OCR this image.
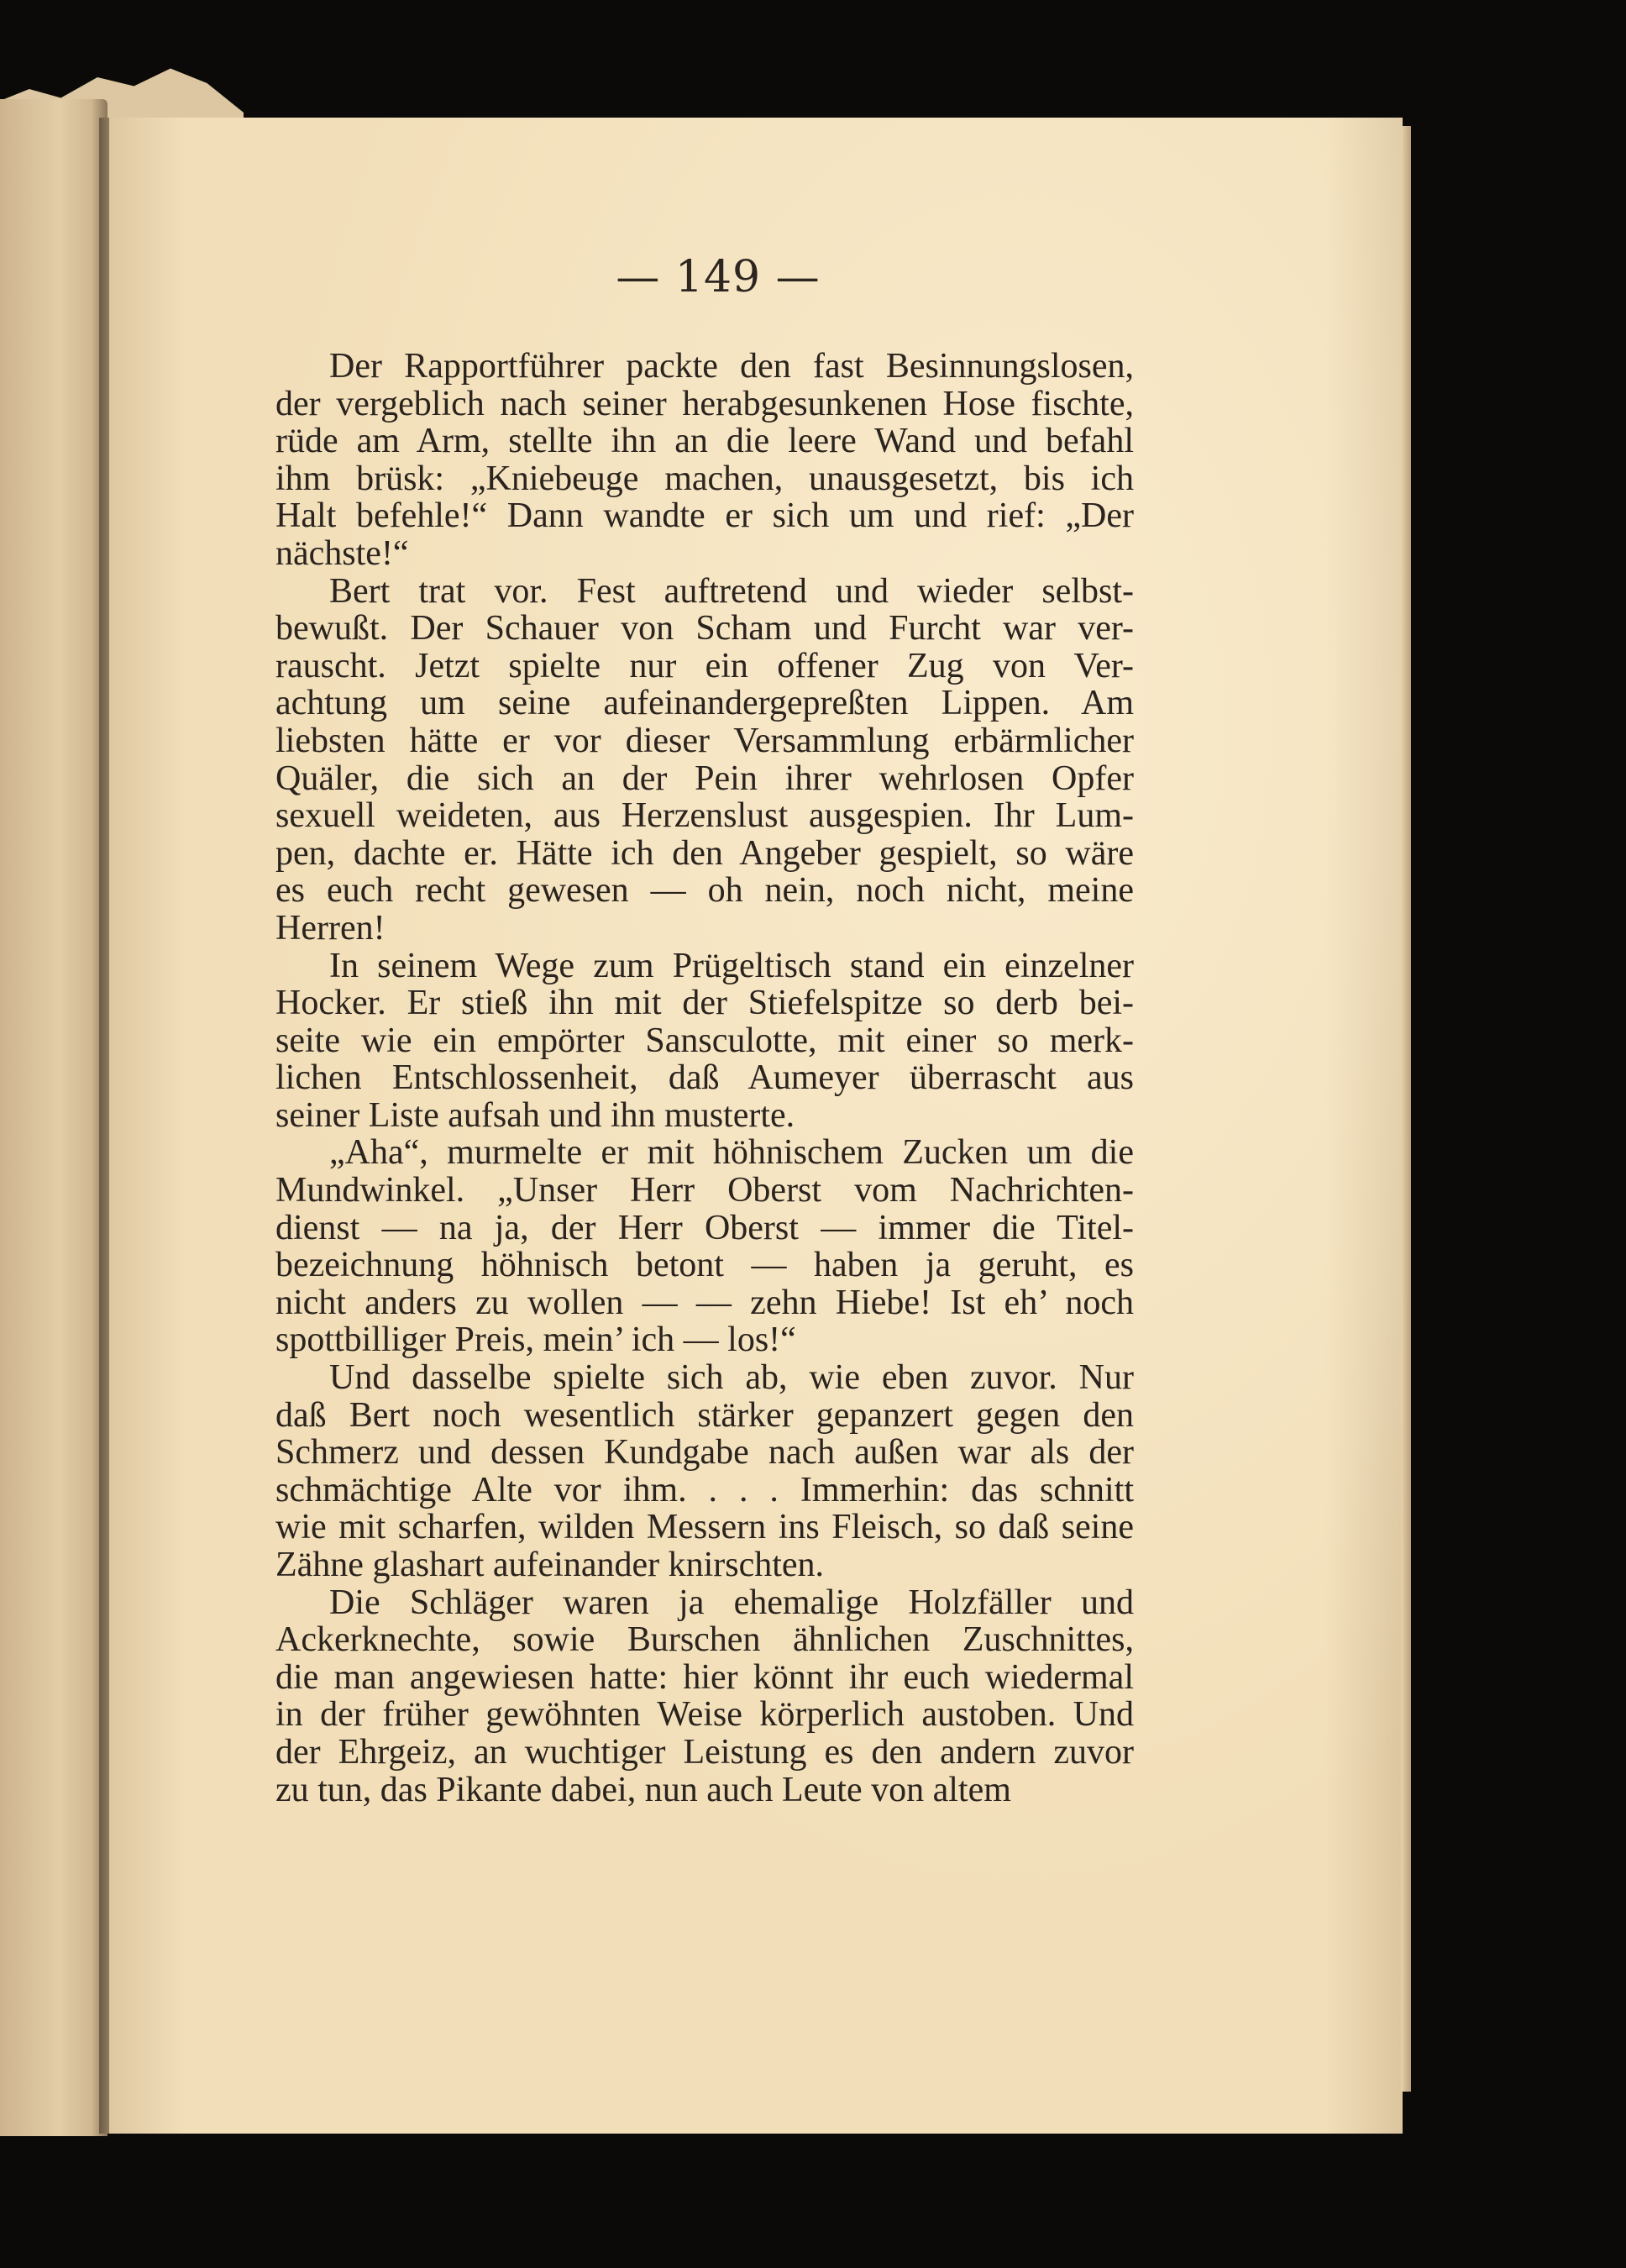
— 149 —

Der Rapportführer packte den fast Besinnungslosen,
der vergeblich nach seiner herabgesunkenen Hose fischte,
rüde am Arm, stellte ihn an die leere Wand und befahl
ihm brüsk: „Kniebeuge machen, unausgesetzt, bis ich
Halt befehle!“ Dann wandte er sich um und rief: „Der
nächste!“

Bert trat vor. Fest auftretend und wieder selbst-
bewußt. Der Schauer von Scham und Furcht war ver-
rauscht. Jetzt spielte nur ein offener Zug von Ver-
achtung um seine aufeinandergepreßten Lippen. Am
liebsten hätte er vor dieser Versammlung erbärmlicher
Quäler, die sich an der Pein ihrer wehrlosen Opfer
sexuell weideten, aus Herzenslust ausgespien. Ihr Lum-
pen, dachte er. Hätte ich den Angeber gespielt, so wäre
es euch recht gewesen — oh nein, noch nicht, meine
Herren!

In seinem Wege zum Prügeltisch stand ein einzelner
Hocker. Er stieß ihn mit der Stiefelspitze so derb bei-
seite wie ein empörter Sansculotte, mit einer so merk-
lichen Entschlossenheit, daß Aumeyer überrascht aus
seiner Liste aufsah und ihn musterte.

„Aha“, murmelte er mit höhnischem Zucken um die
Mundwinkel. „Unser Herr Oberst vom Nachrichten-
dienst — na ja, der Herr Oberst — immer die Titel-
bezeichnung höhnisch betont — haben ja geruht, es
nicht anders zu wollen — — zehn Hiebe! Ist eh’ noch
spottbilliger Preis, mein’ ich — los!“

Und dasselbe spielte sich ab, wie eben zuvor. Nur
daß Bert noch wesentlich stärker gepanzert gegen den
Schmerz und dessen Kundgabe nach außen war als der
schmächtige Alte vor ihm. . . . Immerhin: das schnitt
wie mit scharfen, wilden Messern ins Fleisch, so daß seine
Zähne glashart aufeinander knirschten.

Die Schläger waren ja ehemalige Holzfäller und
Ackerknechte, sowie Burschen ähnlichen Zuschnittes,
die man angewiesen hatte: hier könnt ihr euch wiedermal
in der früher gewöhnten Weise körperlich austoben. Und
der Ehrgeiz, an wuchtiger Leistung es den andern zuvor
zu tun, das Pikante dabei, nun auch Leute von altem
